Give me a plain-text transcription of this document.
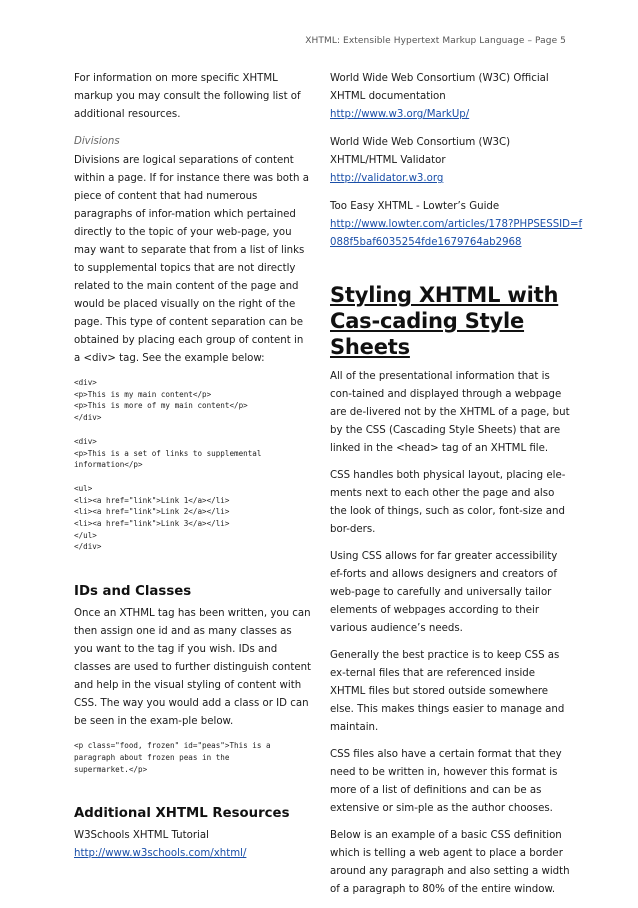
XHTML: Extensible Hypertext Markup Language – Page 5

For information on more specific XHTML markup you may consult the following list of additional resources.

Divisions

Divisions are logical separations of content within a page. If for instance there was both a piece of content that had numerous paragraphs of infor-mation which pertained directly to the topic of your web-page, you may want to separate that from a list of links to supplemental topics that are not directly related to the main content of the page and would be placed visually on the right of the page. This type of content separation can be obtained by placing each group of content in a <div> tag. See the example below:

<div>
<p>This is my main content</p>
<p>This is more of my main content</p>
</div>
<div>
<p>This is a set of links to supplemental
information</p>
<ul>
<li><a href="link">Link 1</a></li>
<li><a href="link">Link 2</a></li>
<li><a href="link">Link 3</a></li>
</ul>
</div>
IDs and Classes

Once an XTHML tag has been written, you can then assign one id and as many classes as you want to the tag if you wish. IDs and classes are used to further distinguish content and help in the visual styling of content with CSS. The way you would add a class or ID can be seen in the exam-ple below.

<p class="food, frozen" id="peas">This is a
paragraph about frozen peas in the
supermarket.</p>
Additional XHTML Resources
W3Schools XHTML Tutorial
http://www.w3schools.com/xhtml/
World Wide Web Consortium (W3C) Official XHTML documentation
http://www.w3.org/MarkUp/
World Wide Web Consortium (W3C) XHTML/HTML Validator
http://validator.w3.org
Too Easy XHTML - Lowter’s Guide
http://www.lowter.com/articles/178?PHPSESSID=f
088f5baf6035254fde1679764ab2968
Styling XHTML with Cas-cading Style Sheets

All of the presentational information that is con-tained and displayed through a webpage are de-livered not by the XHTML of a page, but by the CSS (Cascading Style Sheets) that are linked in the <head> tag of an XHTML file.

CSS handles both physical layout, placing ele-ments next to each other the page and also the look of things, such as color, font-size and bor-ders.

Using CSS allows for far greater accessibility ef-forts and allows designers and creators of web-page to carefully and universally tailor elements of webpages according to their various audience’s needs.

Generally the best practice is to keep CSS as ex-ternal files that are referenced inside XHTML files but stored outside somewhere else. This makes things easier to manage and maintain.

CSS files also have a certain format that they need to be written in, however this format is more of a list of definitions and can be as extensive or sim-ple as the author chooses.

Below is an example of a basic CSS definition which is telling a web agent to place a border around any paragraph and also setting a width of a paragraph to 80% of the entire window.
